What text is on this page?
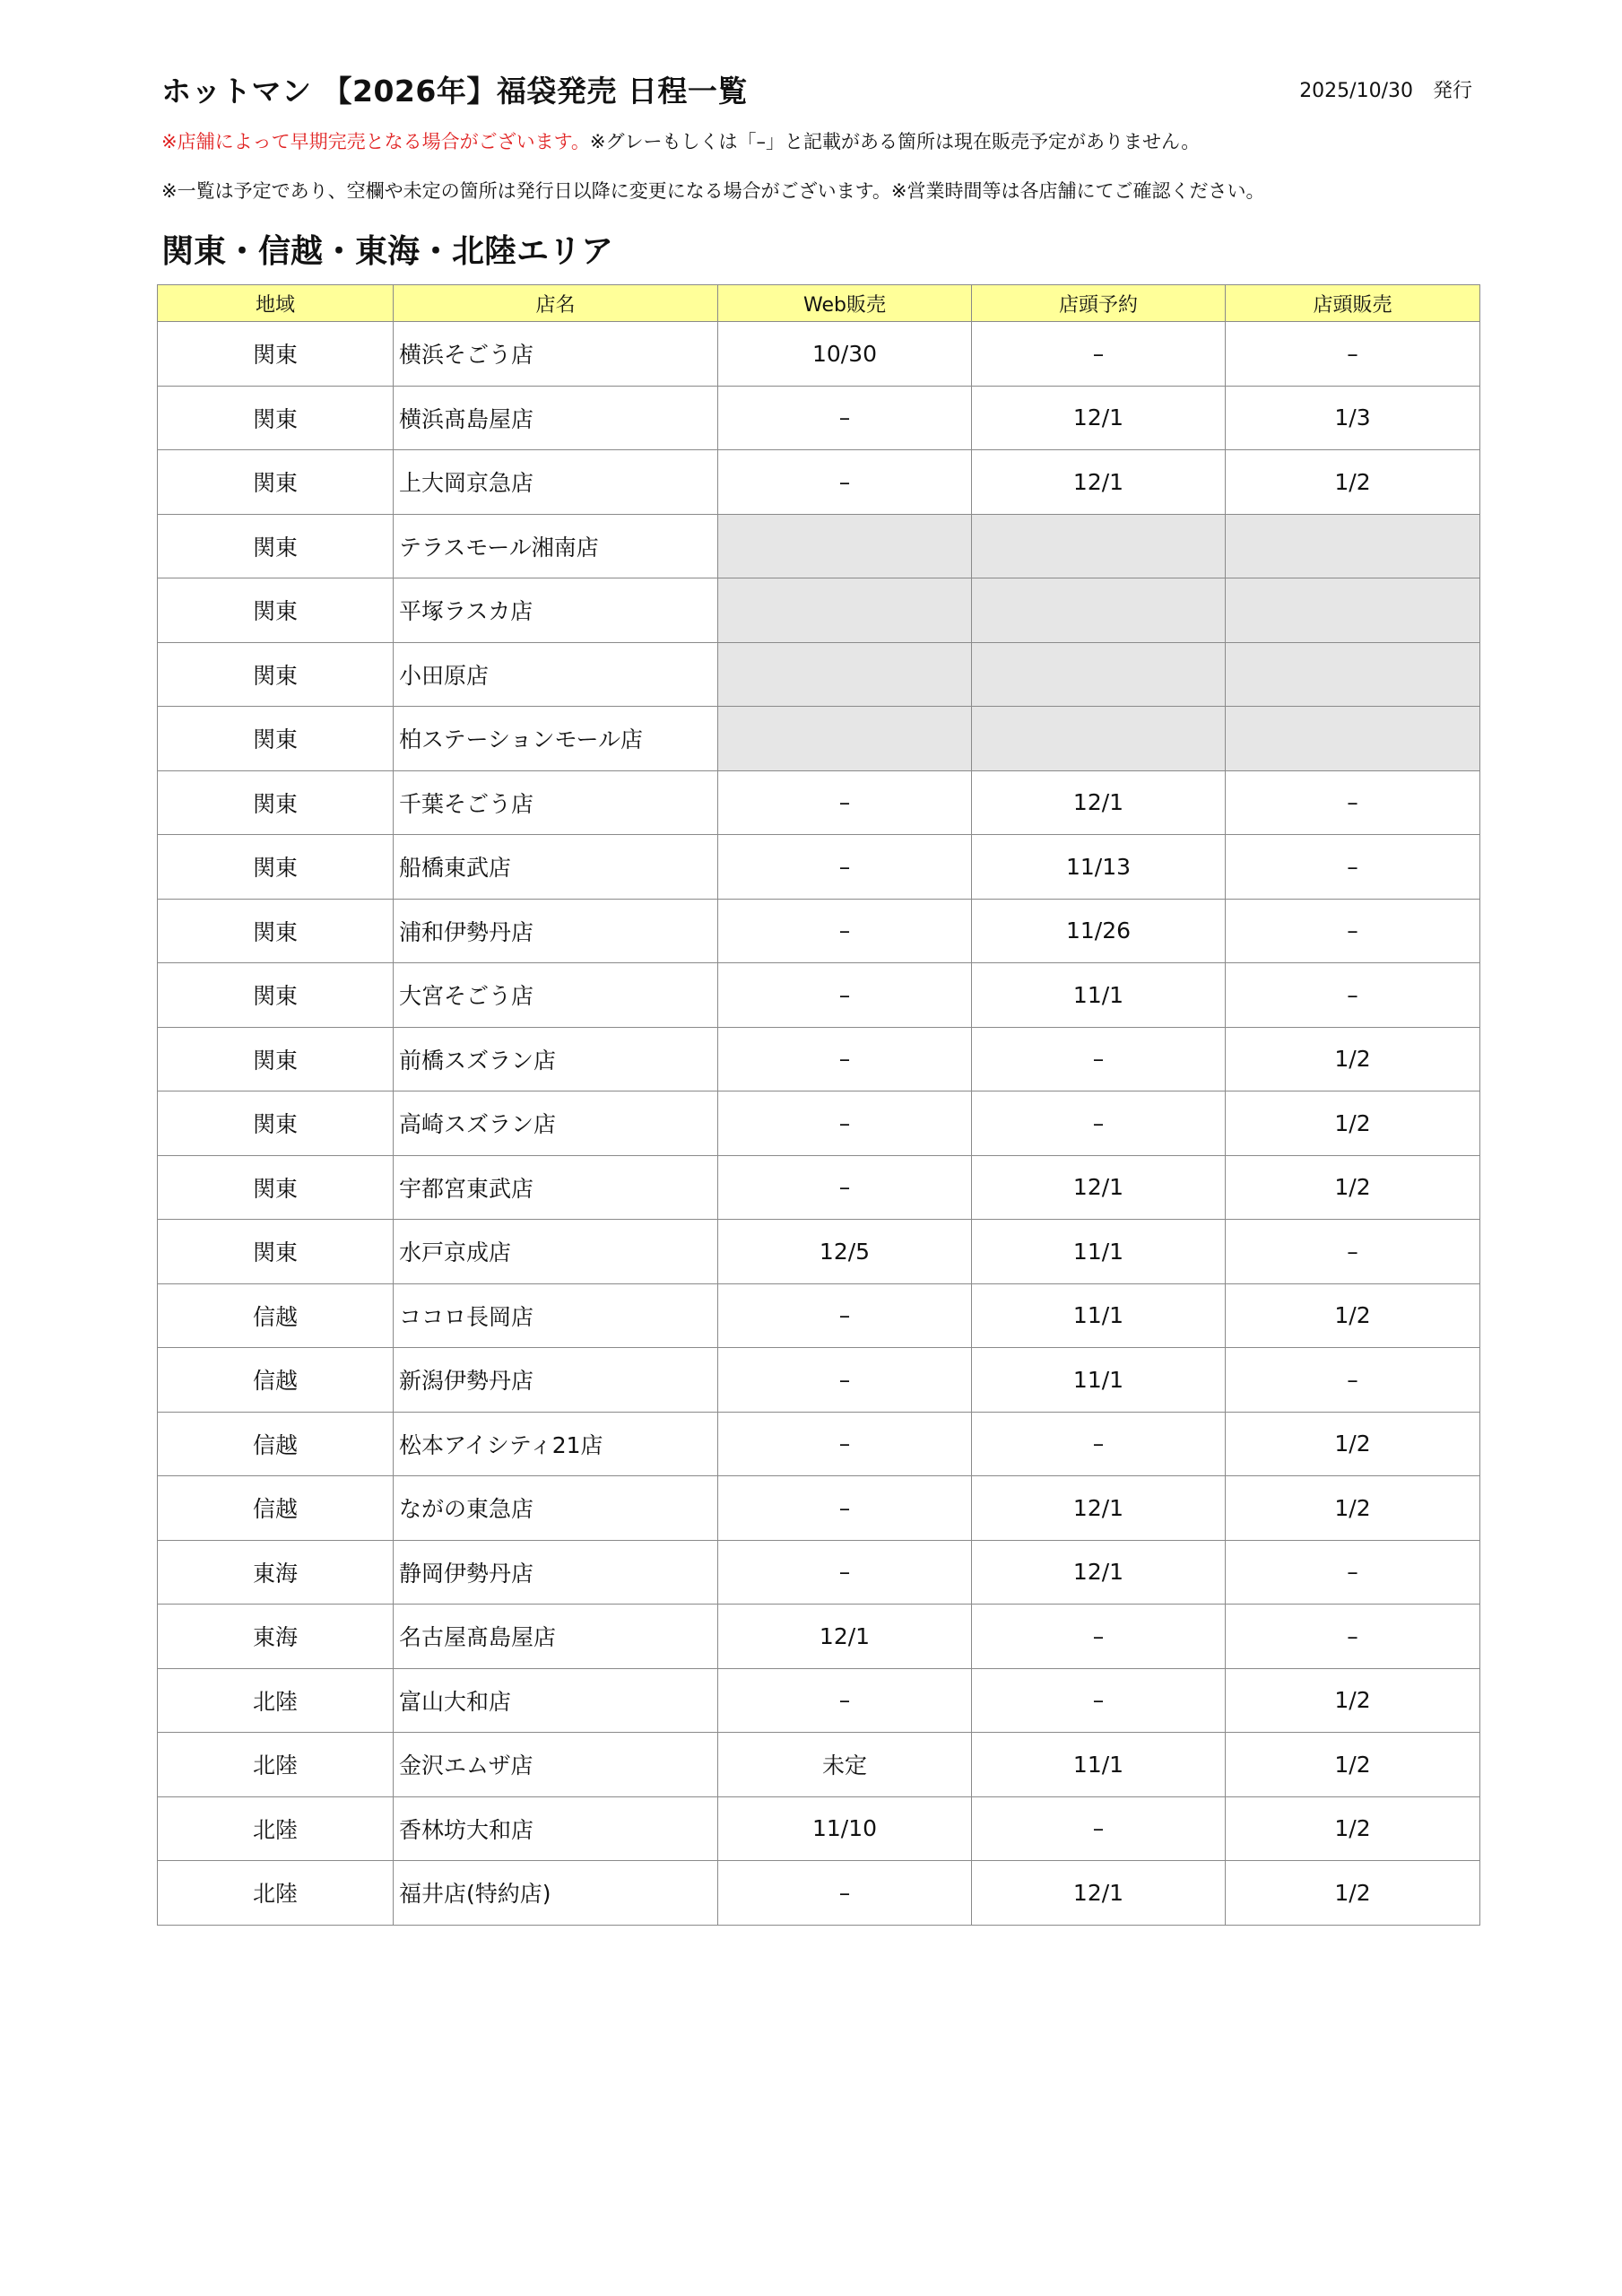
ホットマン 【2026年】福袋発売 日程一覧	2025/10/30　発行
※店舗によって早期完売となる場合がございます。※グレーもしくは「–」と記載がある箇所は現在販売予定がありません。
※一覧は予定であり、空欄や未定の箇所は発行日以降に変更になる場合がございます。※営業時間等は各店舗にてご確認ください。
関東・信越・東海・北陸エリア
地域	店名	Web販売	店頭予約	店頭販売
関東	横浜そごう店	10/30	–	–
関東	横浜髙島屋店	–	12/1	1/3
関東	上大岡京急店	–	12/1	1/2
関東	テラスモール湘南店			
関東	平塚ラスカ店			
関東	小田原店			
関東	柏ステーションモール店			
関東	千葉そごう店	–	12/1	–
関東	船橋東武店	–	11/13	–
関東	浦和伊勢丹店	–	11/26	–
関東	大宮そごう店	–	11/1	–
関東	前橋スズラン店	–	–	1/2
関東	高崎スズラン店	–	–	1/2
関東	宇都宮東武店	–	12/1	1/2
関東	水戸京成店	12/5	11/1	–
信越	ココロ長岡店	–	11/1	1/2
信越	新潟伊勢丹店	–	11/1	–
信越	松本アイシティ21店	–	–	1/2
信越	ながの東急店	–	12/1	1/2
東海	静岡伊勢丹店	–	12/1	–
東海	名古屋髙島屋店	12/1	–	–
北陸	富山大和店	–	–	1/2
北陸	金沢エムザ店	未定	11/1	1/2
北陸	香林坊大和店	11/10	–	1/2
北陸	福井店(特約店)	–	12/1	1/2
